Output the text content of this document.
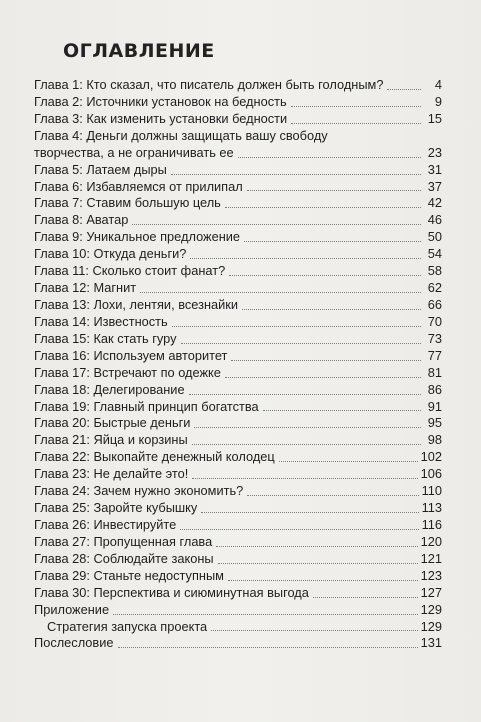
ОГЛАВЛЕНИЕ
Глава 1: Кто сказал, что писатель должен быть голодным?	4
Глава 2: Источники установок на бедность	9
Глава 3: Как изменить установки бедности	15
Глава 4: Деньги должны защищать вашу свободу
творчества, а не ограничивать ее	23
Глава 5: Латаем дыры	31
Глава 6: Избавляемся от прилипал	37
Глава 7: Ставим большую цель	42
Глава 8: Аватар	46
Глава 9: Уникальное предложение	50
Глава 10: Откуда деньги?	54
Глава 11: Сколько стоит фанат?	58
Глава 12: Магнит	62
Глава 13: Лохи, лентяи, всезнайки	66
Глава 14: Известность	70
Глава 15: Как стать гуру	73
Глава 16: Используем авторитет	77
Глава 17: Встречают по одежке	81
Глава 18: Делегирование	86
Глава 19: Главный принцип богатства	91
Глава 20: Быстрые деньги	95
Глава 21: Яйца и корзины	98
Глава 22: Выкопайте денежный колодец	102
Глава 23: Не делайте это!	106
Глава 24: Зачем нужно экономить?	110
Глава 25: Заройте кубышку	113
Глава 26: Инвестируйте	116
Глава 27: Пропущенная глава	120
Глава 28: Соблюдайте законы	121
Глава 29: Станьте недоступным	123
Глава 30: Перспектива и сиюминутная выгода	127
Приложение	129
Стратегия запуска проекта	129
Послесловие	131
